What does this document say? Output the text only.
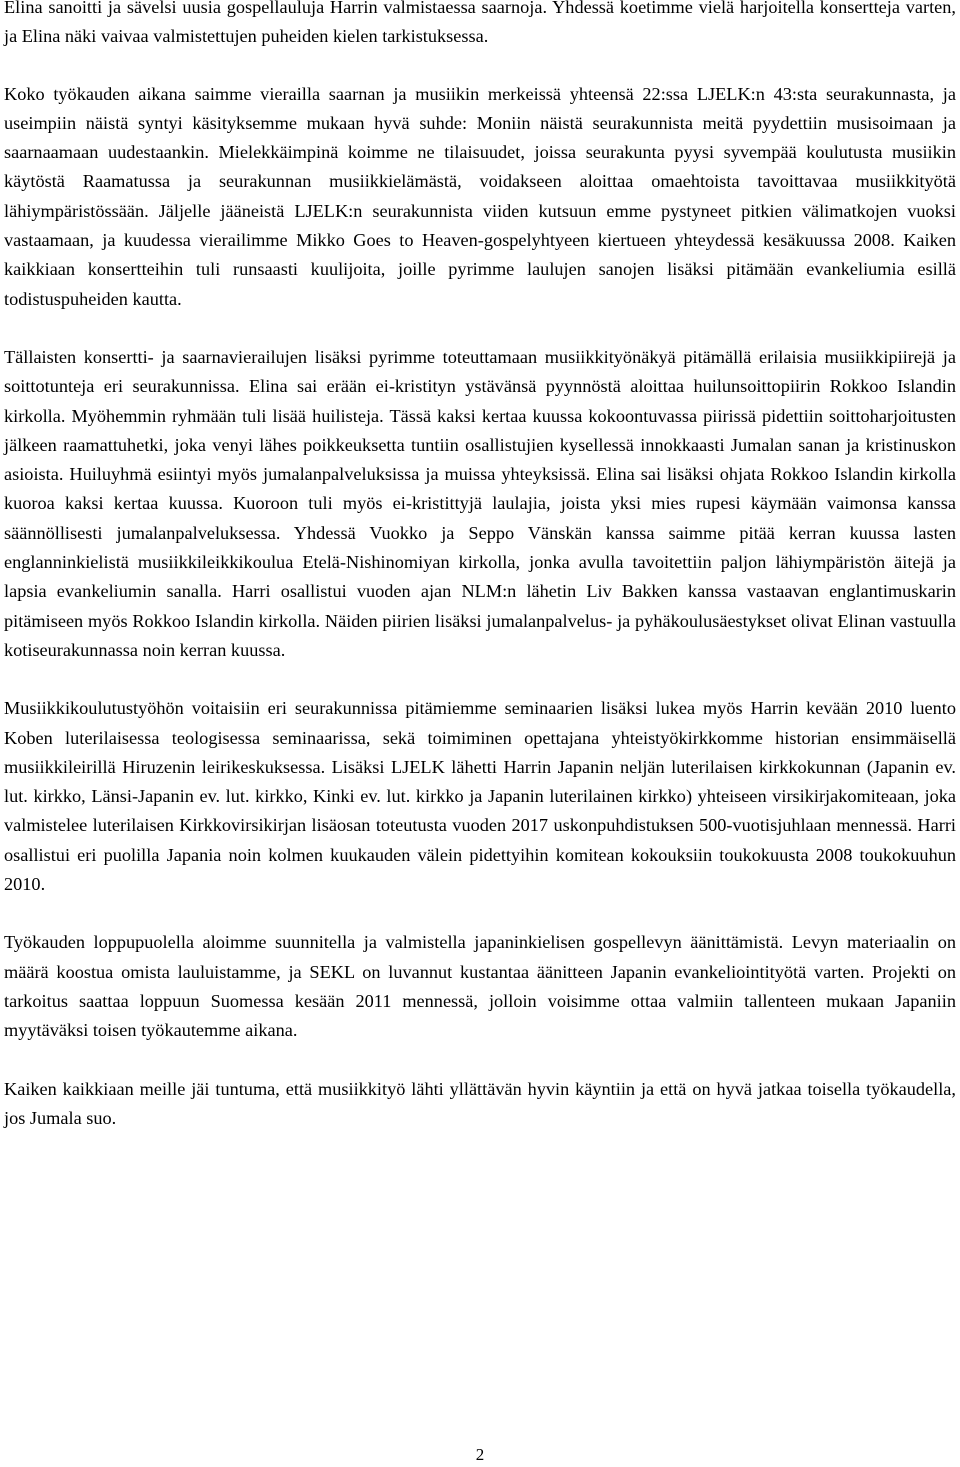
Elina sanoitti ja sävelsi uusia gospellauluja Harrin valmistaessa saarnoja. Yhdessä koetimme vielä harjoitella konsertteja varten, ja Elina näki vaivaa valmistettujen puheiden kielen tarkistuksessa.

Koko työkauden aikana saimme vierailla saarnan ja musiikin merkeissä yhteensä 22:ssa LJELK:n 43:sta seurakunnasta, ja useimpiin näistä syntyi käsityksemme mukaan hyvä suhde: Moniin näistä seurakunnista meitä pyydettiin musisoimaan ja saarnaamaan uudestaankin. Mielekkäimpinä koimme ne tilaisuudet, joissa seurakunta pyysi syvempää koulutusta musiikin käytöstä Raamatussa ja seurakunnan musiikkielämästä, voidakseen aloittaa omaehtoista tavoittavaa musiikkityötä lähiympäristössään. Jäljelle jääneistä LJELK:n seurakunnista viiden kutsuun emme pystyneet pitkien välimatkojen vuoksi vastaamaan, ja kuudessa vierailimme Mikko Goes to Heaven-gospelyhtyeen kiertueen yhteydessä kesäkuussa 2008. Kaiken kaikkiaan konsertteihin tuli runsaasti kuulijoita, joille pyrimme laulujen sanojen lisäksi pitämään evankeliumia esillä todistuspuheiden kautta.

Tällaisten konsertti- ja saarnavierailujen lisäksi pyrimme toteuttamaan musiikkityönäkyä pitämällä erilaisia musiikkipiirejä ja soittotunteja eri seurakunnissa. Elina sai erään ei-kristityn ystävänsä pyynnöstä aloittaa huilunsoittopiirin Rokkoo Islandin kirkolla. Myöhemmin ryhmään tuli lisää huilisteja. Tässä kaksi kertaa kuussa kokoontuvassa piirissä pidettiin soittoharjoitusten jälkeen raamattuhetki, joka venyi lähes poikkeuksetta tuntiin osallistujien kysellessä innokkaasti Jumalan sanan ja kristinuskon asioista. Huiluyhmä esiintyi myös jumalanpalveluksissa ja muissa yhteyksissä. Elina sai lisäksi ohjata Rokkoo Islandin kirkolla kuoroa kaksi kertaa kuussa. Kuoroon tuli myös ei-kristittyjä laulajia, joista yksi mies rupesi käymään vaimonsa kanssa säännöllisesti jumalanpalveluksessa. Yhdessä Vuokko ja Seppo Vänskän kanssa saimme pitää kerran kuussa lasten englanninkielistä musiikkileikkikoulua Etelä-Nishinomiyan kirkolla, jonka avulla tavoitettiin paljon lähiympäristön äitejä ja lapsia evankeliumin sanalla. Harri osallistui vuoden ajan NLM:n lähetin Liv Bakken kanssa vastaavan englantimuskarin pitämiseen myös Rokkoo Islandin kirkolla. Näiden piirien lisäksi jumalanpalvelus- ja pyhäkoulusäestykset olivat Elinan vastuulla kotiseurakunnassa noin kerran kuussa.

Musiikkikoulutustyöhön voitaisiin eri seurakunnissa pitämiemme seminaarien lisäksi lukea myös Harrin kevään 2010 luento Koben luterilaisessa teologisessa seminaarissa, sekä toimiminen opettajana yhteistyökirkkomme historian ensimmäisellä musiikkileirillä Hiruzenin leirikeskuksessa. Lisäksi LJELK lähetti Harrin Japanin neljän luterilaisen kirkkokunnan (Japanin ev. lut. kirkko, Länsi-Japanin ev. lut. kirkko, Kinki ev. lut. kirkko ja Japanin luterilainen kirkko) yhteiseen virsikirjakomiteaan, joka valmistelee luterilaisen Kirkkovirsikirjan lisäosan toteutusta vuoden 2017 uskonpuhdistuksen 500-vuotisjuhlaan mennessä. Harri osallistui eri puolilla Japania noin kolmen kuukauden välein pidettyihin komitean kokouksiin toukokuusta 2008 toukokuuhun 2010.

Työkauden loppupuolella aloimme suunnitella ja valmistella japaninkielisen gospellevyn äänittämistä. Levyn materiaalin on määrä koostua omista lauluistamme, ja SEKL on luvannut kustantaa äänitteen Japanin evankeliointityötä varten. Projekti on tarkoitus saattaa loppuun Suomessa kesään 2011 mennessä, jolloin voisimme ottaa valmiin tallenteen mukaan Japaniin myytäväksi toisen työkautemme aikana.

Kaiken kaikkiaan meille jäi tuntuma, että musiikkityö lähti yllättävän hyvin käyntiin ja että on hyvä jatkaa toisella työkaudella, jos Jumala suo.

2
